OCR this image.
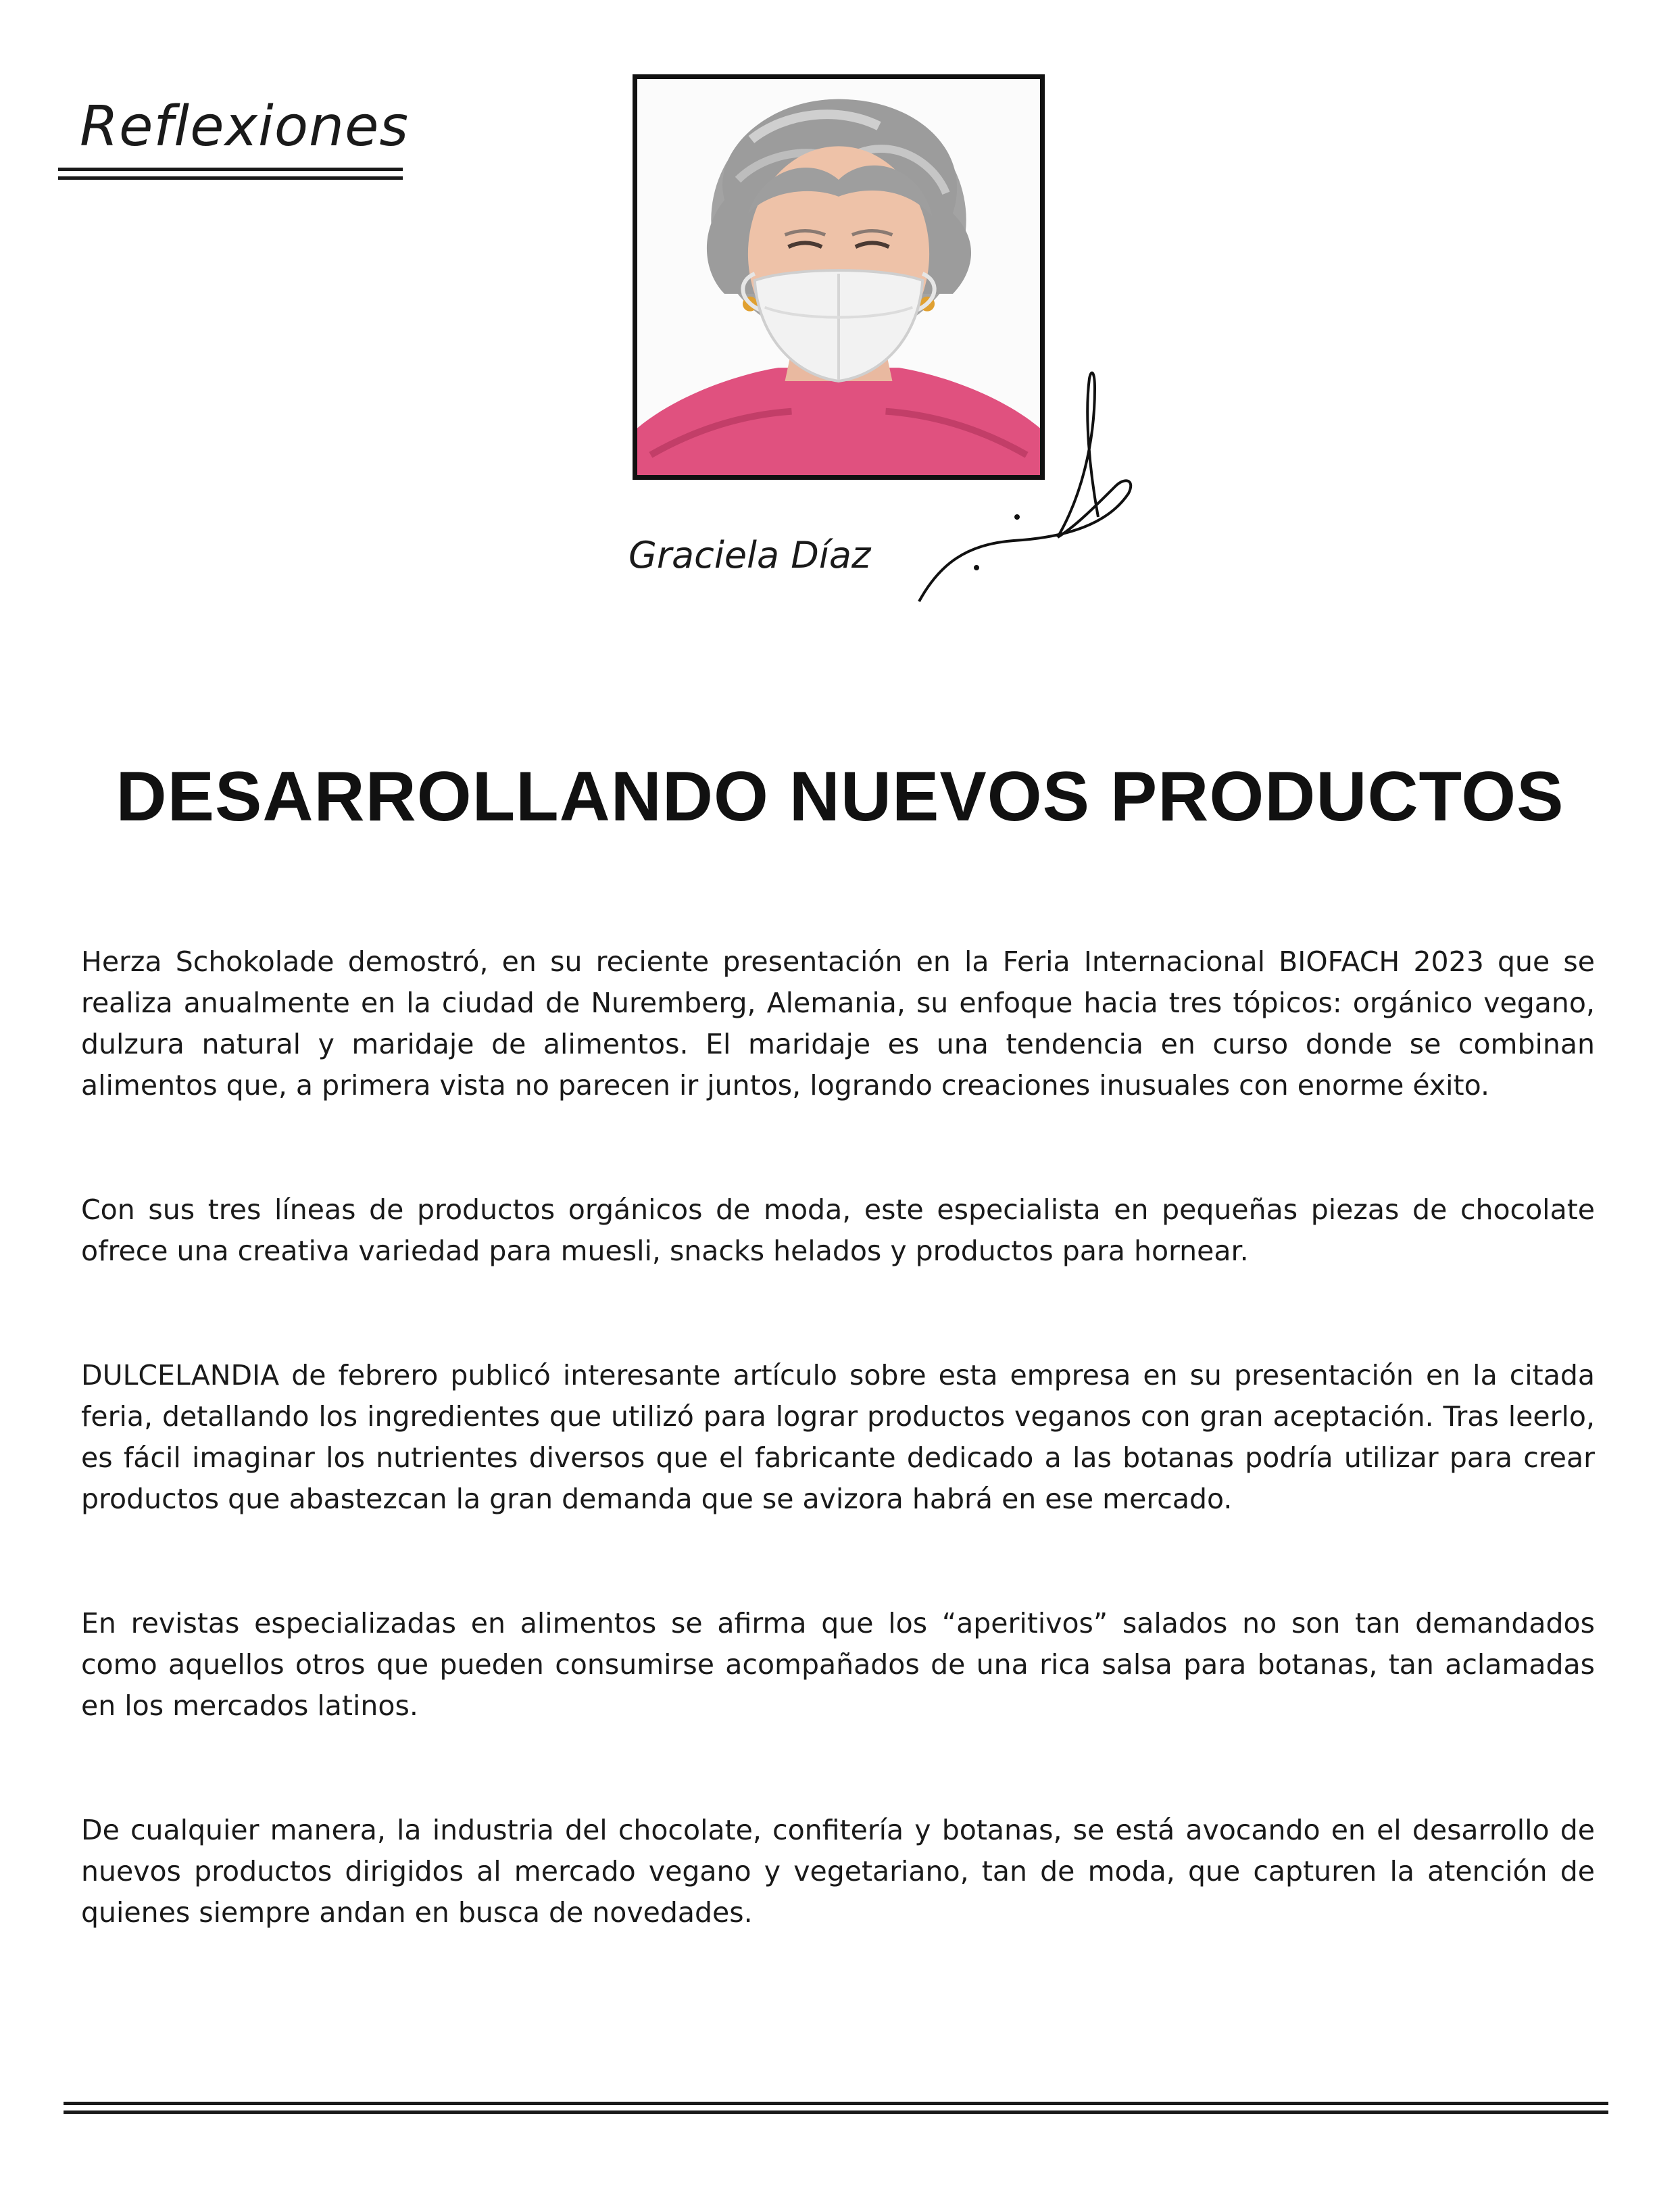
Reflexiones
Graciela Díaz
DESARROLLANDO NUEVOS PRODUCTOS

Herza Schokolade demostró, en su reciente presentación en la Feria Internacional BIOFACH 2023 que se realiza anualmente en la ciudad de Nuremberg, Alemania, su enfoque hacia tres tópicos: orgánico vegano, dulzura natural y maridaje de alimentos. El maridaje es una tendencia en curso donde se combinan alimentos que, a primera vista no parecen ir juntos, logrando creaciones inusuales con enorme éxito.

Con sus tres líneas de productos orgánicos de moda, este especialista en pequeñas piezas de chocolate ofrece una creativa variedad para muesli, snacks helados y productos para hornear.

DULCELANDIA de febrero publicó interesante artículo sobre esta empresa en su presentación en la citada feria, detallando los ingredientes que utilizó para lograr productos veganos con gran aceptación. Tras leerlo, es fácil imaginar los nutrientes diversos que el fabricante dedicado a las botanas podría utilizar para crear productos que abastezcan la gran demanda que se avizora habrá en ese mercado.

En revistas especializadas en alimentos se afirma que los “aperitivos” salados no son tan demandados como aquellos otros que pueden consumirse acompañados de una rica salsa para botanas, tan aclamadas en los mercados latinos.

De cualquier manera, la industria del chocolate, confitería y botanas, se está avocando en el desarrollo de nuevos productos dirigidos al mercado vegano y vegetariano, tan de moda, que capturen la atención de quienes siempre andan en busca de novedades.
